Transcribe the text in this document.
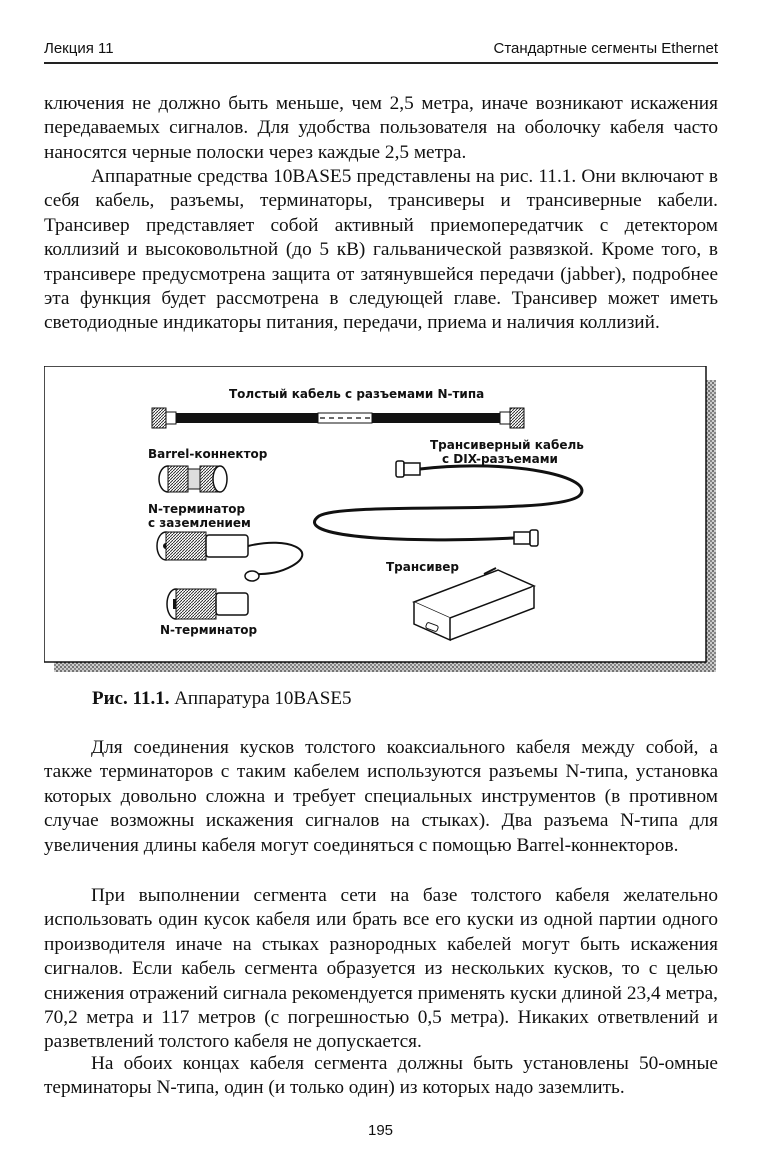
Лекция 11	Стандартные сегменты Ethernet

ключения не должно быть меньше, чем 2,5 метра, иначе возникают искажения передаваемых сигналов. Для удобства пользователя на оболочку кабеля часто наносятся черные полоски через каждые 2,5 метра.

Аппаратные средства 10BASE5 представлены на рис. 11.1. Они включают в себя кабель, разъемы, терминаторы, трансиверы и трансиверные кабели. Трансивер представляет собой активный приемопередатчик с детектором коллизий и высоковольтной (до 5 кВ) гальванической развязкой. Кроме того, в трансивере предусмотрена защита от затянувшейся передачи (jabber), подробнее эта функция будет рассмотрена в следующей главе. Трансивер может иметь светодиодные индикаторы питания, передачи, приема и наличия коллизий.

Толстый кабель с разъемами N-типа
Barrel-коннектор
N-терминатор
с заземлением
N-терминатор
Трансиверный кабель
с DIX-разъемами
Трансивер
Рис. 11.1. Аппаратура 10BASE5

Для соединения кусков толстого коаксиального кабеля между собой, а также терминаторов с таким кабелем используются разъемы N-типа, установка которых довольно сложна и требует специальных инструментов (в противном случае возможны искажения сигналов на стыках). Два разъема N-типа для увеличения длины кабеля могут соединяться с помощью Barrel-коннекторов.

При выполнении сегмента сети на базе толстого кабеля желательно использовать один кусок кабеля или брать все его куски из одной партии одного производителя иначе на стыках разнородных кабелей могут быть искажения сигналов. Если кабель сегмента образуется из нескольких кусков, то с целью снижения отражений сигнала рекомендуется применять куски длиной 23,4 метра, 70,2 метра и 117 метров (с погрешностью 0,5 метра). Никаких ответвлений и разветвлений толстого кабеля не допускается.

На обоих концах кабеля сегмента должны быть установлены 50-омные терминаторы N-типа, один (и только один) из которых надо заземлить.

195
